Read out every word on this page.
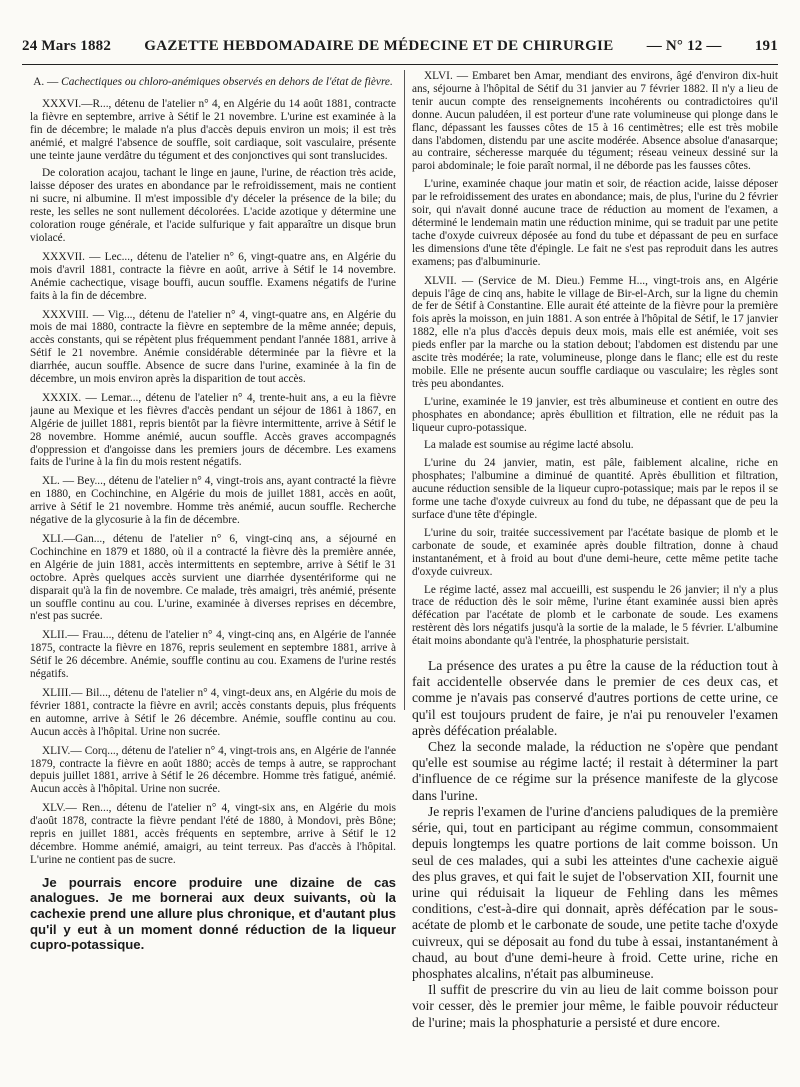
24 Mars 1882 GAZETTE HEBDOMADAIRE DE MÉDECINE ET DE CHIRURGIE — N° 12 — 191
A. — Cachectiques ou chloro-anémiques observés en dehors de l'état de fièvre.

XXXVI.—R..., détenu de l'atelier n° 4, en Algérie du 14 août 1881, contracte la fièvre en septembre, arrive à Sétif le 21 novembre. L'urine est examinée à la fin de décembre; le malade n'a plus d'accès depuis environ un mois; il est très anémié, et malgré l'absence de souffle, soit cardiaque, soit vasculaire, présente une teinte jaune verdâtre du tégument et des conjonctives qui sont translucides.

De coloration acajou, tachant le linge en jaune, l'urine, de réaction très acide, laisse déposer des urates en abondance par le refroidissement, mais ne contient ni sucre, ni albumine. Il m'est impossible d'y déceler la présence de la bile; du reste, les selles ne sont nullement décolorées. L'acide azotique y détermine une coloration rouge générale, et l'acide sulfurique y fait apparaître un disque brun violacé.

XXXVII. — Lec..., détenu de l'atelier n° 6, vingt-quatre ans, en Algérie du mois d'avril 1881, contracte la fièvre en août, arrive à Sétif le 14 novembre. Anémie cachectique, visage bouffi, aucun souffle. Examens négatifs de l'urine faits à la fin de décembre.

XXXVIII. — Vig..., détenu de l'atelier n° 4, vingt-quatre ans, en Algérie du mois de mai 1880, contracte la fièvre en septembre de la même année; depuis, accès constants, qui se répètent plus fréquemment pendant l'année 1881, arrive à Sétif le 21 novembre. Anémie considérable déterminée par la fièvre et la diarrhée, aucun souffle. Absence de sucre dans l'urine, examinée à la fin de décembre, un mois environ après la disparition de tout accès.

XXXIX. — Lemar..., détenu de l'atelier n° 4, trente-huit ans, a eu la fièvre jaune au Mexique et les fièvres d'accès pendant un séjour de 1861 à 1867, en Algérie de juillet 1881, repris bientôt par la fièvre intermittente, arrive à Sétif le 28 novembre. Homme anémié, aucun souffle. Accès graves accompagnés d'oppression et d'angoisse dans les premiers jours de décembre. Les examens faits de l'urine à la fin du mois restent négatifs.

XL. — Bey..., détenu de l'atelier n° 4, vingt-trois ans, ayant contracté la fièvre en 1880, en Cochinchine, en Algérie du mois de juillet 1881, accès en août, arrive à Sétif le 21 novembre. Homme très anémié, aucun souffle. Recherche négative de la glycosurie à la fin de décembre.

XLI.—Gan..., détenu de l'atelier n° 6, vingt-cinq ans, a séjourné en Cochinchine en 1879 et 1880, où il a contracté la fièvre dès la première année, en Algérie de juin 1881, accès intermittents en septembre, arrive à Sétif le 31 octobre. Après quelques accès survient une diarrhée dysentériforme qui ne disparait qu'à la fin de novembre. Ce malade, très amaigri, très anémié, présente un souffle continu au cou. L'urine, examinée à diverses reprises en décembre, n'est pas sucrée.

XLII.— Frau..., détenu de l'atelier n° 4, vingt-cinq ans, en Algérie de l'année 1875, contracte la fièvre en 1876, repris seulement en septembre 1881, arrive à Sétif le 26 décembre. Anémie, souffle continu au cou. Examens de l'urine restés négatifs.

XLIII.— Bil..., détenu de l'atelier n° 4, vingt-deux ans, en Algérie du mois de février 1881, contracte la fièvre en avril; accès constants depuis, plus fréquents en automne, arrive à Sétif le 26 décembre. Anémie, souffle continu au cou. Aucun accès à l'hôpital. Urine non sucrée.

XLIV.— Corq..., détenu de l'atelier n° 4, vingt-trois ans, en Algérie de l'année 1879, contracte la fièvre en août 1880; accès de temps à autre, se rapprochant depuis juillet 1881, arrive à Sétif le 26 décembre. Homme très fatigué, anémié. Aucun accès à l'hôpital. Urine non sucrée.

XLV.— Ren..., détenu de l'atelier n° 4, vingt-six ans, en Algérie du mois d'août 1878, contracte la fièvre pendant l'été de 1880, à Mondovi, près Bône; repris en juillet 1881, accès fréquents en septembre, arrive à Sétif le 12 décembre. Homme anémié, amaigri, au teint terreux. Pas d'accès à l'hôpital. L'urine ne contient pas de sucre.

Je pourrais encore produire une dizaine de cas analogues. Je me bornerai aux deux suivants, où la cachexie prend une allure plus chronique, et d'autant plus qu'il y eut à un moment donné réduction de la liqueur cupro-potassique.

XLVI. — Embaret ben Amar, mendiant des environs, âgé d'environ dix-huit ans, séjourne à l'hôpital de Sétif du 31 janvier au 7 février 1882. Il n'y a lieu de tenir aucun compte des renseignements incohérents ou contradictoires qu'il donne. Aucun paludéen, il est porteur d'une rate volumineuse qui plonge dans le flanc, dépassant les fausses côtes de 15 à 16 centimètres; elle est très mobile dans l'abdomen, distendu par une ascite modérée. Absence absolue d'anasarque; au contraire, sécheresse marquée du tégument; réseau veineux dessiné sur la paroi abdominale; le foie paraît normal, il ne déborde pas les fausses côtes.

L'urine, examinée chaque jour matin et soir, de réaction acide, laisse déposer par le refroidissement des urates en abondance; mais, de plus, l'urine du 2 février soir, qui n'avait donné aucune trace de réduction au moment de l'examen, a déterminé le lendemain matin une réduction minime, qui se traduit par une petite tache d'oxyde cuivreux déposée au fond du tube et dépassant de peu en surface les dimensions d'une tête d'épingle. Le fait ne s'est pas reproduit dans les autres examens; pas d'albuminurie.

XLVII. — (Service de M. Dieu.) Femme H..., vingt-trois ans, en Algérie depuis l'âge de cinq ans, habite le village de Bir-el-Arch, sur la ligne du chemin de fer de Sétif à Constantine. Elle aurait été atteinte de la fièvre pour la première fois après la moisson, en juin 1881. A son entrée à l'hôpital de Sétif, le 17 janvier 1882, elle n'a plus d'accès depuis deux mois, mais elle est anémiée, voit ses pieds enfler par la marche ou la station debout; l'abdomen est distendu par une ascite très modérée; la rate, volumineuse, plonge dans le flanc; elle est du reste mobile. Elle ne présente aucun souffle cardiaque ou vasculaire; les règles sont très peu abondantes.

L'urine, examinée le 19 janvier, est très albumineuse et contient en outre des phosphates en abondance; après ébullition et filtration, elle ne réduit pas la liqueur cupro-potassique.

La malade est soumise au régime lacté absolu.

L'urine du 24 janvier, matin, est pâle, faiblement alcaline, riche en phosphates; l'albumine a diminué de quantité. Après ébullition et filtration, aucune réduction sensible de la liqueur cupro-potassique; mais par le repos il se forme une tache d'oxyde cuivreux au fond du tube, ne dépassant que de peu la surface d'une tête d'épingle.

L'urine du soir, traitée successivement par l'acétate basique de plomb et le carbonate de soude, et examinée après double filtration, donne à chaud instantanément, et à froid au bout d'une demi-heure, cette même petite tache d'oxyde cuivreux.

Le régime lacté, assez mal accueilli, est suspendu le 26 janvier; il n'y a plus trace de réduction dès le soir même, l'urine étant examinée aussi bien après défécation par l'acétate de plomb et le carbonate de soude. Les examens restèrent dès lors négatifs jusqu'à la sortie de la malade, le 5 février. L'albumine était moins abondante qu'à l'entrée, la phosphaturie persistait.

La présence des urates a pu être la cause de la réduction tout à fait accidentelle observée dans le premier de ces deux cas, et comme je n'avais pas conservé d'autres portions de cette urine, ce qu'il est toujours prudent de faire, je n'ai pu renouveler l'examen après défécation préalable.

Chez la seconde malade, la réduction ne s'opère que pendant qu'elle est soumise au régime lacté; il restait à déterminer la part d'influence de ce régime sur la présence manifeste de la glycose dans l'urine.

Je repris l'examen de l'urine d'anciens paludiques de la première série, qui, tout en participant au régime commun, consommaient depuis longtemps les quatre portions de lait comme boisson. Un seul de ces malades, qui a subi les atteintes d'une cachexie aiguë des plus graves, et qui fait le sujet de l'observation XII, fournit une urine qui réduisait la liqueur de Fehling dans les mêmes conditions, c'est-à-dire qui donnait, après défécation par le sous-acétate de plomb et le carbonate de soude, une petite tache d'oxyde cuivreux, qui se déposait au fond du tube à essai, instantanément à chaud, au bout d'une demi-heure à froid. Cette urine, riche en phosphates alcalins, n'était pas albumineuse.

Il suffit de prescrire du vin au lieu de lait comme boisson pour voir cesser, dès le premier jour même, le faible pouvoir réducteur de l'urine; mais la phosphaturie a persisté et dure encore.
